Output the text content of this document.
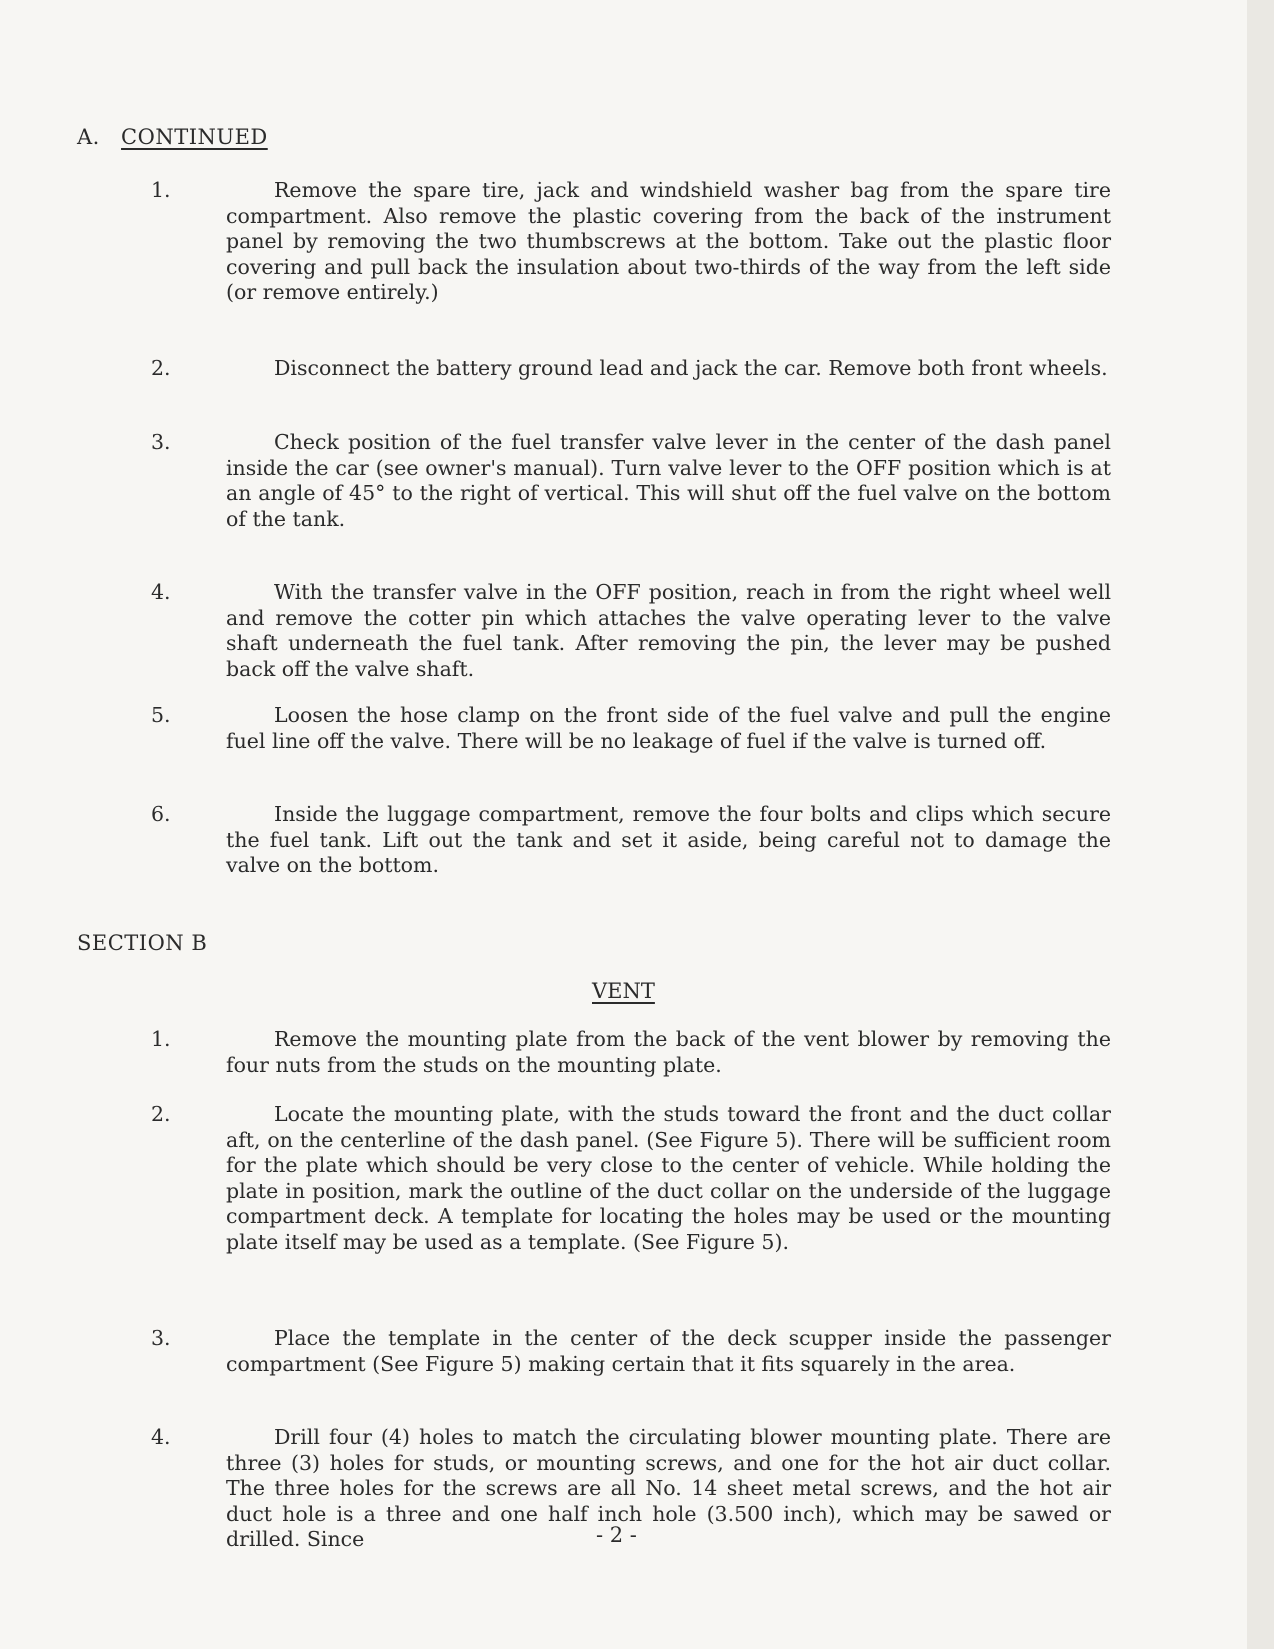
A. CONTINUED
1.	Remove the spare tire, jack and windshield washer bag from the spare tire compartment. Also remove the plastic covering from the back of the instrument panel by removing the two thumbscrews at the bottom. Take out the plastic floor covering and pull back the insulation about two-thirds of the way from the left side (or remove entirely.)
2.	Disconnect the battery ground lead and jack the car. Remove both front wheels.
3.	Check position of the fuel transfer valve lever in the center of the dash panel inside the car (see owner's manual). Turn valve lever to the OFF position which is at an angle of 45° to the right of vertical. This will shut off the fuel valve on the bottom of the tank.
4.	With the transfer valve in the OFF position, reach in from the right wheel well and remove the cotter pin which attaches the valve operating lever to the valve shaft underneath the fuel tank. After removing the pin, the lever may be pushed back off the valve shaft.
5.	Loosen the hose clamp on the front side of the fuel valve and pull the engine fuel line off the valve. There will be no leakage of fuel if the valve is turned off.
6.	Inside the luggage compartment, remove the four bolts and clips which secure the fuel tank. Lift out the tank and set it aside, being careful not to damage the valve on the bottom.
SECTION B
VENT
1.	Remove the mounting plate from the back of the vent blower by removing the four nuts from the studs on the mounting plate.
2.	Locate the mounting plate, with the studs toward the front and the duct collar aft, on the centerline of the dash panel. (See Figure 5). There will be sufficient room for the plate which should be very close to the center of vehicle. While holding the plate in position, mark the outline of the duct collar on the underside of the luggage compartment deck. A template for locating the holes may be used or the mounting plate itself may be used as a template. (See Figure 5).
3.	Place the template in the center of the deck scupper inside the passenger compartment (See Figure 5) making certain that it fits squarely in the area.
4.	Drill four (4) holes to match the circulating blower mounting plate. There are three (3) holes for studs, or mounting screws, and one for the hot air duct collar. The three holes for the screws are all No. 14 sheet metal screws, and the hot air duct hole is a three and one half inch hole (3.500 inch), which may be sawed or drilled. Since	- 2 -
